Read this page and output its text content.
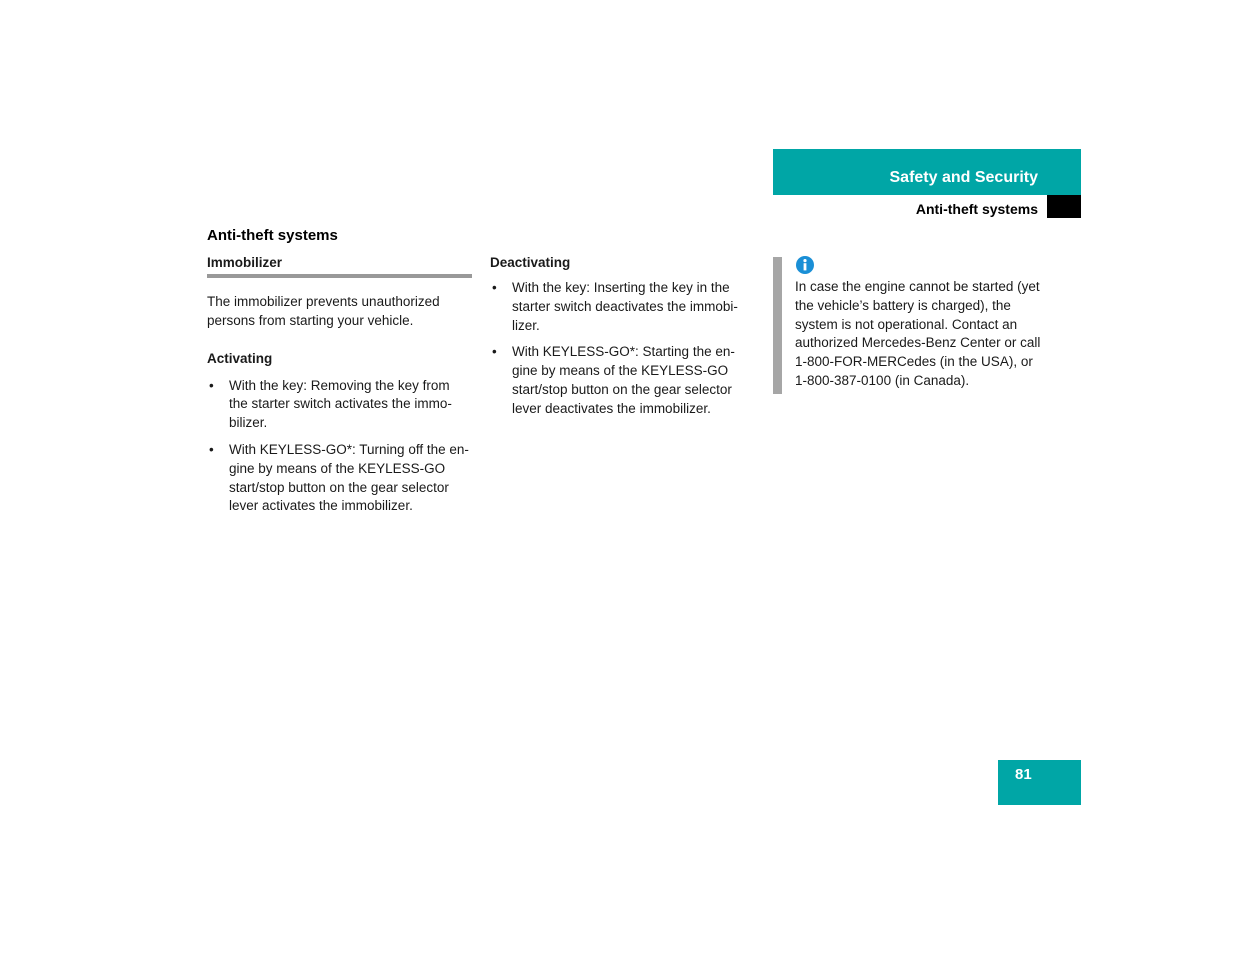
Safety and Security
Anti-theft systems
Anti-theft systems
Immobilizer

The immobilizer prevents unauthorized persons from starting your vehicle.

Activating
• With the key: Removing the key from the starter switch activates the immo-bilizer.
• With KEYLESS-GO*: Turning off the en-gine by means of the KEYLESS-GO start/stop button on the gear selector lever activates the immobilizer.
Deactivating
• With the key: Inserting the key in the starter switch deactivates the immobi-lizer.
• With KEYLESS-GO*: Starting the en-gine by means of the KEYLESS-GO start/stop button on the gear selector lever deactivates the immobilizer.

In case the engine cannot be started (yet the vehicle’s battery is charged), the system is not operational. Contact an authorized Mercedes-Benz Center or call 1-800-FOR-MERCedes (in the USA), or 1-800-387-0100 (in Canada).

81
